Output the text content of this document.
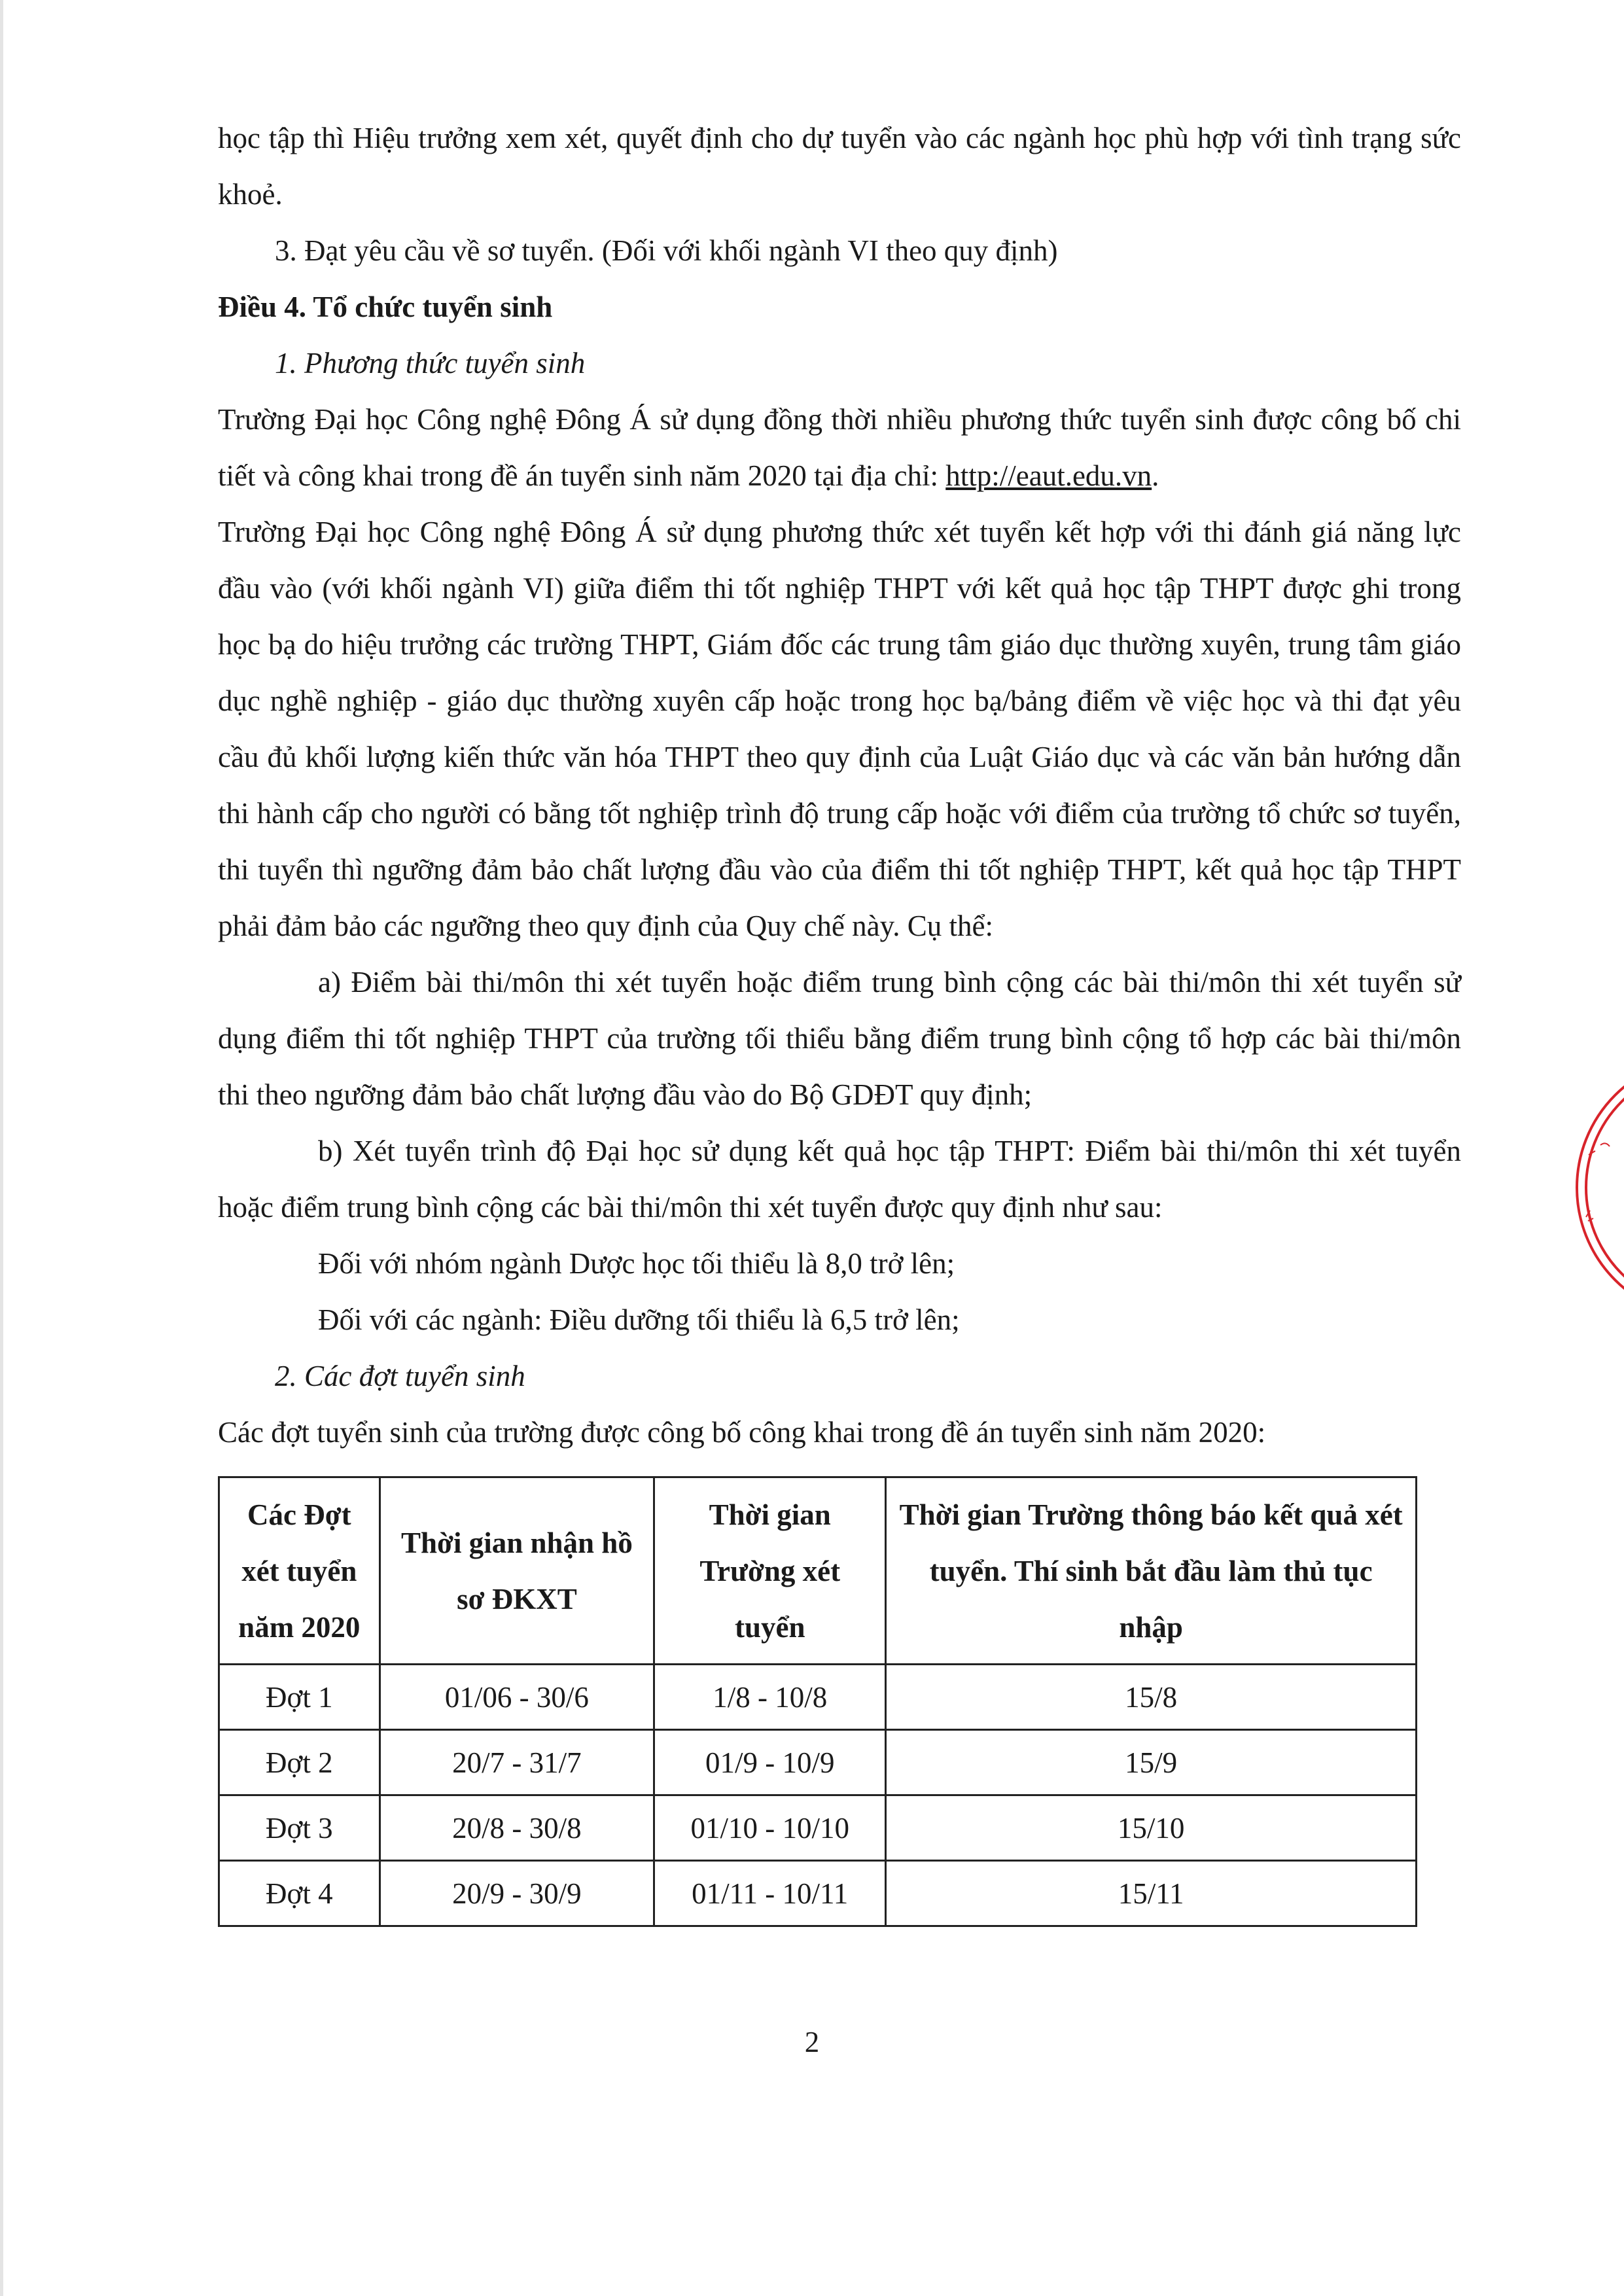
học tập thì Hiệu trưởng xem xét, quyết định cho dự tuyển vào các ngành học phù hợp với tình trạng sức khoẻ.

3. Đạt yêu cầu về sơ tuyển. (Đối với khối ngành VI theo quy định)

Điều 4. Tổ chức tuyển sinh

1. Phương thức tuyển sinh

Trường Đại học Công nghệ Đông Á sử dụng đồng thời nhiều phương thức tuyển sinh được công bố chi tiết và công khai trong đề án tuyển sinh năm 2020 tại địa chỉ: http://eaut.edu.vn.

Trường Đại học Công nghệ Đông Á sử dụng phương thức xét tuyển kết hợp với thi đánh giá năng lực đầu vào (với khối ngành VI) giữa điểm thi tốt nghiệp THPT với kết quả học tập THPT được ghi trong học bạ do hiệu trưởng các trường THPT, Giám đốc các trung tâm giáo dục thường xuyên, trung tâm giáo dục nghề nghiệp - giáo dục thường xuyên cấp hoặc trong học bạ/bảng điểm về việc học và thi đạt yêu cầu đủ khối lượng kiến thức văn hóa THPT theo quy định của Luật Giáo dục và các văn bản hướng dẫn thi hành cấp cho người có bằng tốt nghiệp trình độ trung cấp hoặc với điểm của trường tổ chức sơ tuyển, thi tuyển thì ngưỡng đảm bảo chất lượng đầu vào của điểm thi tốt nghiệp THPT, kết quả học tập THPT phải đảm bảo các ngưỡng theo quy định của Quy chế này. Cụ thể:

a) Điểm bài thi/môn thi xét tuyển hoặc điểm trung bình cộng các bài thi/môn thi xét tuyển sử dụng điểm thi tốt nghiệp THPT của trường tối thiểu bằng điểm trung bình cộng tổ hợp các bài thi/môn thi theo ngưỡng đảm bảo chất lượng đầu vào do Bộ GDĐT quy định;

b) Xét tuyển trình độ Đại học sử dụng kết quả học tập THPT: Điểm bài thi/môn thi xét tuyển hoặc điểm trung bình cộng các bài thi/môn thi xét tuyển được quy định như sau:

Đối với nhóm ngành Dược học tối thiểu là 8,0 trở lên;

Đối với các ngành: Điều dưỡng tối thiểu là 6,5 trở lên;

2. Các đợt tuyển sinh

Các đợt tuyển sinh của trường được công bố công khai trong đề án tuyển sinh năm 2020:

Các Đợt xét tuyển năm 2020	Thời gian nhận hồ sơ ĐKXT	Thời gian Trường xét tuyển	Thời gian Trường thông báo kết quả xét tuyển. Thí sinh bắt đầu làm thủ tục nhập
Đợt 1	01/06 - 30/6	1/8 - 10/8	15/8
Đợt 2	20/7 - 31/7	01/9 - 10/9	15/9
Đợt 3	20/8 - 30/8	01/10 - 10/10	15/10
Đợt 4	20/9 - 30/9	01/11 - 10/11	15/11
2
